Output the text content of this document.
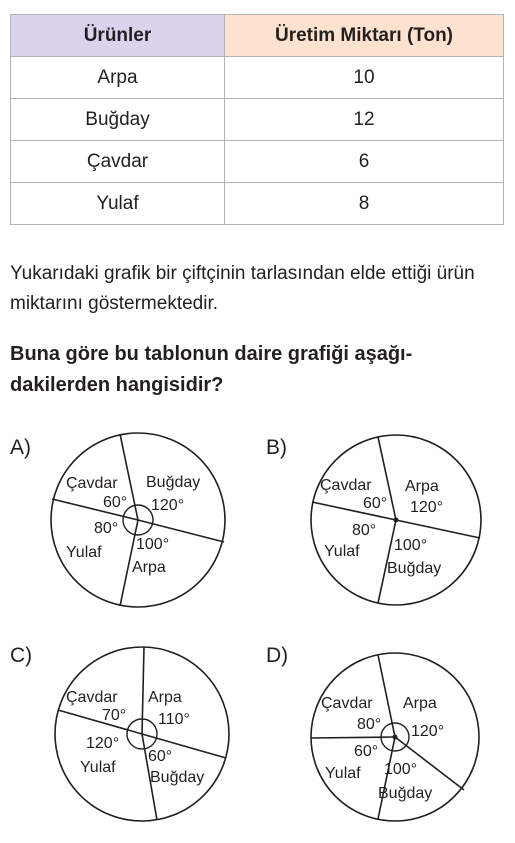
Ürünler	Üretim Miktarı (Ton)
Arpa	10
Buğday	12
Çavdar	6
Yulaf	8
Yukarıdaki grafik bir çiftçinin tarlasından elde ettiği ürün miktarını göstermektedir.
Buna göre bu tablonun daire grafiği aşağı-
dakilerden hangisidir?
A)
Çavdar
60°
Buğday
120°
100°
Arpa
80°
Yulaf
B)
Çavdar
60°
Arpa
120°
100°
Buğday
80°
Yulaf
C)
Çavdar
70°
Arpa
110°
60°
Buğday
120°
Yulaf
D)
Çavdar
80°
Arpa
120°
100°
Buğday
60°
Yulaf
